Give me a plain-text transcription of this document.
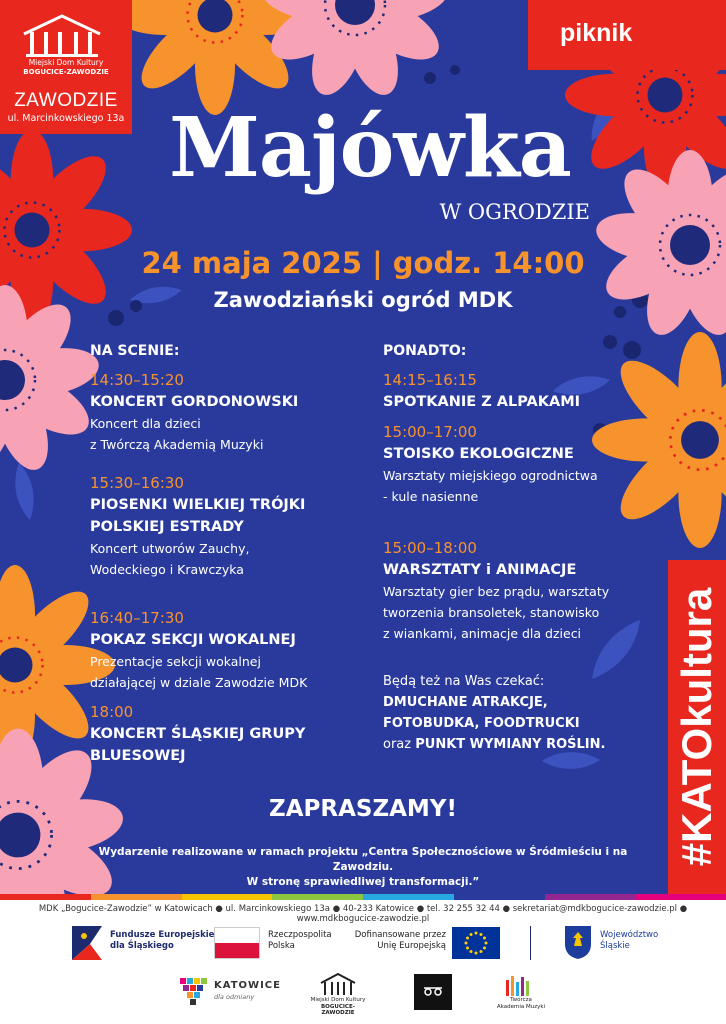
Miejski Dom Kultury
BOGUCICE-ZAWODZIE
ZAWODZIE
ul. Marcinkowskiego 13a
piknik
#KATOkultura
Majówka
W OGRODZIE
24 maja 2025 | godz. 14:00
Zawodziański ogród MDK
NA SCENIE:
14:30–15:20
KONCERT GORDONOWSKI
Koncert dla dzieci
z Twórczą Akademią Muzyki
15:30–16:30
PIOSENKI WIELKIEJ TRÓJKI
POLSKIEJ ESTRADY
Koncert utworów Zauchy,
Wodeckiego i Krawczyka
16:40–17:30
POKAZ SEKCJI WOKALNEJ
Prezentacje sekcji wokalnej
działającej w dziale Zawodzie MDK
18:00
KONCERT ŚLĄSKIEJ GRUPY
BLUESOWEJ
PONADTO:
14:15–16:15
SPOTKANIE Z ALPAKAMI
15:00–17:00
STOISKO EKOLOGICZNE
Warsztaty miejskiego ogrodnictwa
- kule nasienne
15:00–18:00
WARSZTATY i ANIMACJE
Warsztaty gier bez prądu, warsztaty
tworzenia bransoletek, stanowisko
z wiankami, animacje dla dzieci
Będą też na Was czekać:
DMUCHANE ATRAKCJE,
FOTOBUDKA, FOODTRUCKI
oraz PUNKT WYMIANY ROŚLIN.
ZAPRASZAMY!
Wydarzenie realizowane w ramach projektu „Centra Społecznościowe w Śródmieściu i na Zawodziu.
W stronę sprawiedliwej transformacji.”
MDK „Bogucice-Zawodzie” w Katowicach ● ul. Marcinkowskiego 13a ● 40-233 Katowice ● tel. 32 255 32 44 ● sekretariat@mdkbogucice-zawodzie.pl ● www.mdkbogucice-zawodzie.pl
Fundusze Europejskie
dla Śląskiego
Rzeczpospolita
Polska
Dofinansowane przez
Unię Europejską
Województwo
Śląskie
KATOWICE
dla odmiany	Miejski Dom Kultury
BOGUCICE-ZAWODZIE
Twórcza
Akademia Muzyki
